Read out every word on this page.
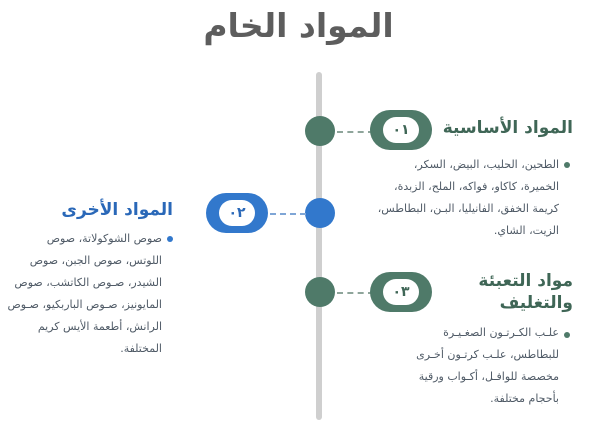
المواد الخام
٠١	المواد الأساسية

الطحين، الحليب، البيض، السكر، الخميرة، كاكاو، فواكه، الملح، الزبدة، كريمة الخفق، الفانيليا، البـن، البطاطس، الزيت، الشاي.

٠٢
المواد الأخرى

صوص الشوكولاتة، صوص اللوتس، صوص الجبن، صوص الشيدر، صـوص الكاتشب، صوص المايونيز، صـوص الباربكيو، صـوص الرانش، أطعمة الأيس كريم المختلفة.

٠٣
مواد التعبئة والتغليف

علـب الكـرتـون الصغـيـرة للبطاطس، علـب كرتـون أخـرى مخصصة للوافـل، أكـواب ورقية بأحجام مختلفة.
